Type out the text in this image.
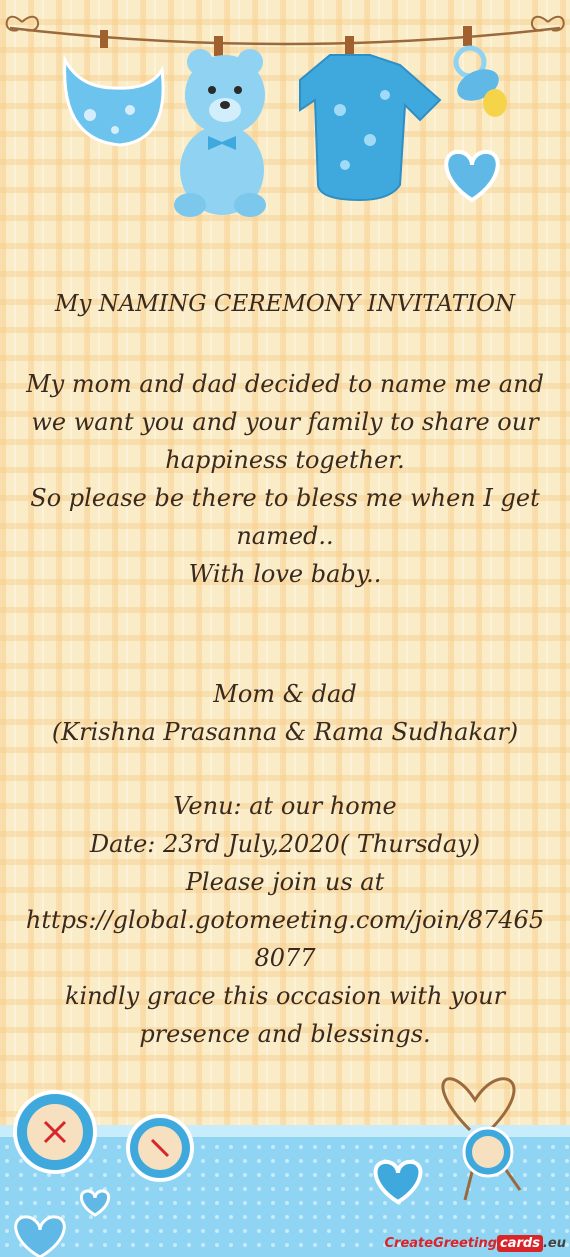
My NAMING CEREMONY INVITATION

My mom and dad decided to name me and we want you and your family to share our happiness together.

So please be there to bless me when I get named..

With love baby..

Mom & dad

(Krishna Prasanna & Rama Sudhakar)

Venu: at our home

Date: 23rd July,2020( Thursday)

Please join us at

https://global.gotomeeting.com/join/874658077

kindly grace this occasion with your presence and blessings.

CreateGreeting cards .eu
